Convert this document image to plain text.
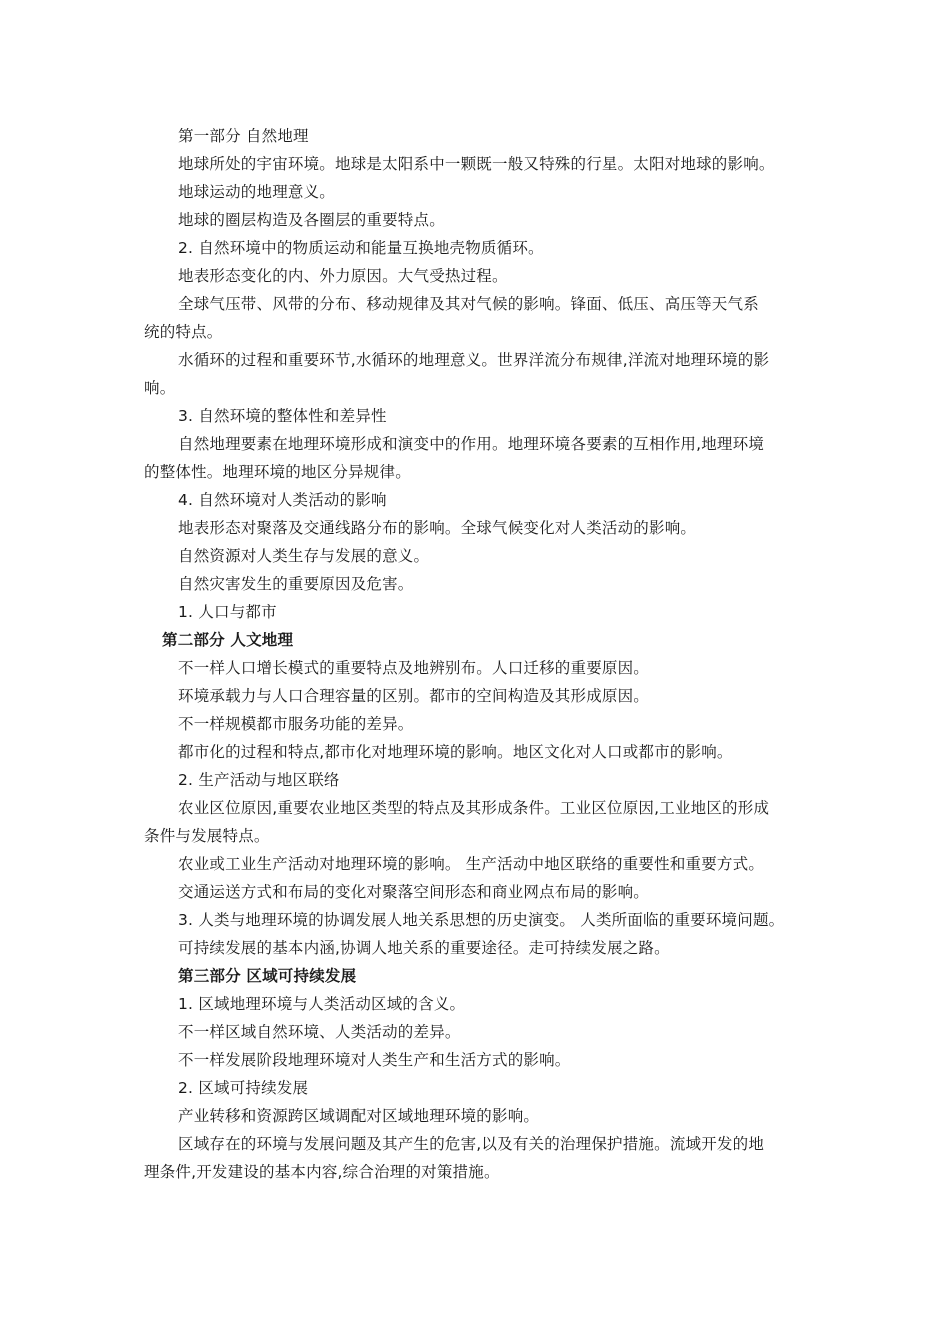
第一部分 自然地理
地球所处的宇宙环境。地球是太阳系中一颗既一般又特殊的行星。太阳对地球的影响。
地球运动的地理意义。
地球的圈层构造及各圈层的重要特点。
2. 自然环境中的物质运动和能量互换地壳物质循环。
地表形态变化的内、外力原因。大气受热过程。
全球气压带、风带的分布、移动规律及其对气候的影响。锋面、低压、高压等天气系
统的特点。
水循环的过程和重要环节,水循环的地理意义。世界洋流分布规律,洋流对地理环境的影
响。
3. 自然环境的整体性和差异性
自然地理要素在地理环境形成和演变中的作用。地理环境各要素的互相作用,地理环境
的整体性。地理环境的地区分异规律。
4. 自然环境对人类活动的影响
地表形态对聚落及交通线路分布的影响。全球气候变化对人类活动的影响。
自然资源对人类生存与发展的意义。
自然灾害发生的重要原因及危害。
1. 人口与都市
第二部分 人文地理
不一样人口增长模式的重要特点及地辨别布。人口迁移的重要原因。
环境承载力与人口合理容量的区别。都市的空间构造及其形成原因。
不一样规模都市服务功能的差异。
都市化的过程和特点,都市化对地理环境的影响。地区文化对人口或都市的影响。
2. 生产活动与地区联络
农业区位原因,重要农业地区类型的特点及其形成条件。工业区位原因,工业地区的形成
条件与发展特点。
农业或工业生产活动对地理环境的影响。 生产活动中地区联络的重要性和重要方式。
交通运送方式和布局的变化对聚落空间形态和商业网点布局的影响。
3. 人类与地理环境的协调发展人地关系思想的历史演变。 人类所面临的重要环境问题。
可持续发展的基本内涵,协调人地关系的重要途径。走可持续发展之路。
第三部分 区域可持续发展
1. 区域地理环境与人类活动区域的含义。
不一样区域自然环境、人类活动的差异。
不一样发展阶段地理环境对人类生产和生活方式的影响。
2. 区域可持续发展
产业转移和资源跨区域调配对区域地理环境的影响。
区域存在的环境与发展问题及其产生的危害,以及有关的治理保护措施。流域开发的地
理条件,开发建设的基本内容,综合治理的对策措施。
